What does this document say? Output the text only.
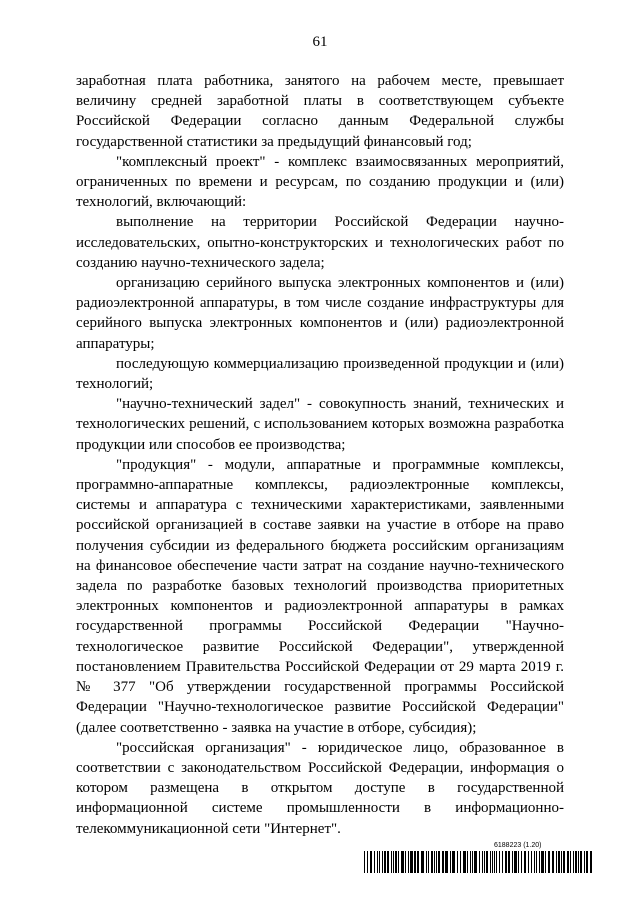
61

заработная плата работника, занятого на рабочем месте, превышает величину средней заработной платы в соответствующем субъекте Российской Федерации согласно данным Федеральной службы государственной статистики за предыдущий финансовый год;

"комплексный проект" - комплекс взаимосвязанных мероприятий, ограниченных по времени и ресурсам, по созданию продукции и (или) технологий, включающий:

выполнение на территории Российской Федерации научно-исследовательских, опытно-конструкторских и технологических работ по созданию научно-технического задела;

организацию серийного выпуска электронных компонентов и (или) радиоэлектронной аппаратуры, в том числе создание инфраструктуры для серийного выпуска электронных компонентов и (или) радиоэлектронной аппаратуры;

последующую коммерциализацию произведенной продукции и (или) технологий;

"научно-технический задел" - совокупность знаний, технических и технологических решений, с использованием которых возможна разработка продукции или способов ее производства;

"продукция" - модули, аппаратные и программные комплексы, программно-аппаратные комплексы, радиоэлектронные комплексы, системы и аппаратура с техническими характеристиками, заявленными российской организацией в составе заявки на участие в отборе на право получения субсидии из федерального бюджета российским организациям на финансовое обеспечение части затрат на создание научно-технического задела по разработке базовых технологий производства приоритетных электронных компонентов и радиоэлектронной аппаратуры в рамках государственной программы Российской Федерации "Научно-технологическое развитие Российской Федерации", утвержденной постановлением Правительства Российской Федерации от 29 марта 2019 г. № 377 "Об утверждении государственной программы Российской Федерации "Научно-технологическое развитие Российской Федерации" (далее соответственно - заявка на участие в отборе, субсидия);

"российская организация" - юридическое лицо, образованное в соответствии с законодательством Российской Федерации, информация о котором размещена в открытом доступе в государственной информационной системе промышленности в информационно-телекоммуникационной сети "Интернет".

6188223 (1.20)
